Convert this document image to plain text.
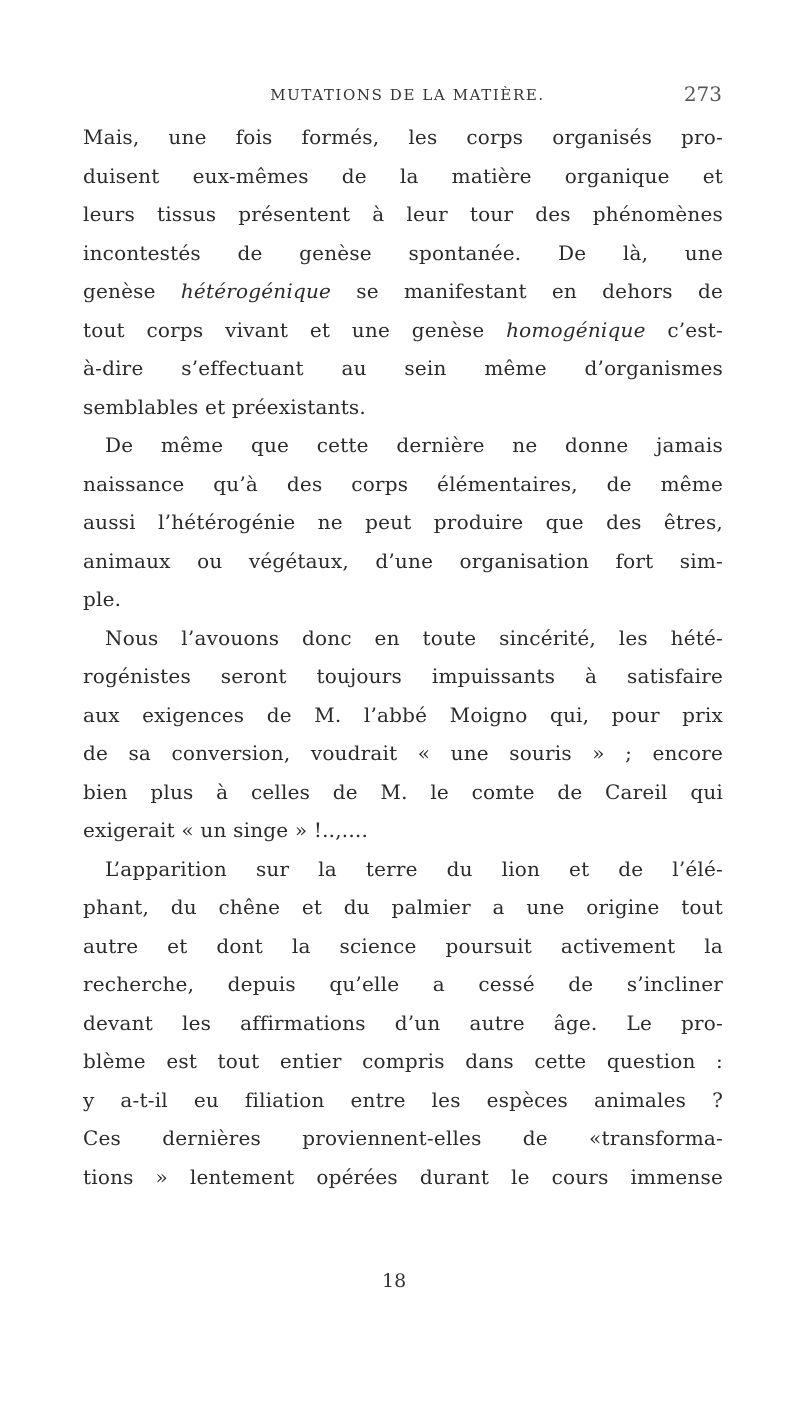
MUTATIONS DE LA MATIÈRE.	273
Mais, une fois formés, les corps organisés pro-
duisent eux-mêmes de la matière organique et
leurs tissus présentent à leur tour des phénomènes
incontestés de genèse spontanée. De là, une
genèse hétérogénique se manifestant en dehors de
tout corps vivant et une genèse homogénique c’est-
à-dire s’effectuant au sein même d’organismes
semblables et préexistants.
De même que cette dernière ne donne jamais
naissance qu’à des corps élémentaires, de même
aussi l’hétérogénie ne peut produire que des êtres,
animaux ou végétaux, d’une organisation fort sim-
ple.
Nous l’avouons donc en toute sincérité, les hété-
rogénistes seront toujours impuissants à satisfaire
aux exigences de M. l’abbé Moigno qui, pour prix
de sa conversion, voudrait « une souris » ; encore
bien plus à celles de M. le comte de Careil qui
exigerait « un singe » !..,....
L’apparition sur la terre du lion et de l’élé-
phant, du chêne et du palmier a une origine tout
autre et dont la science poursuit activement la
recherche, depuis qu’elle a cessé de s’incliner
devant les affirmations d’un autre âge. Le pro-
blème est tout entier compris dans cette question :
y a-t-il eu filiation entre les espèces animales ?
Ces dernières proviennent-elles de «transforma-
tions » lentement opérées durant le cours immense
18
